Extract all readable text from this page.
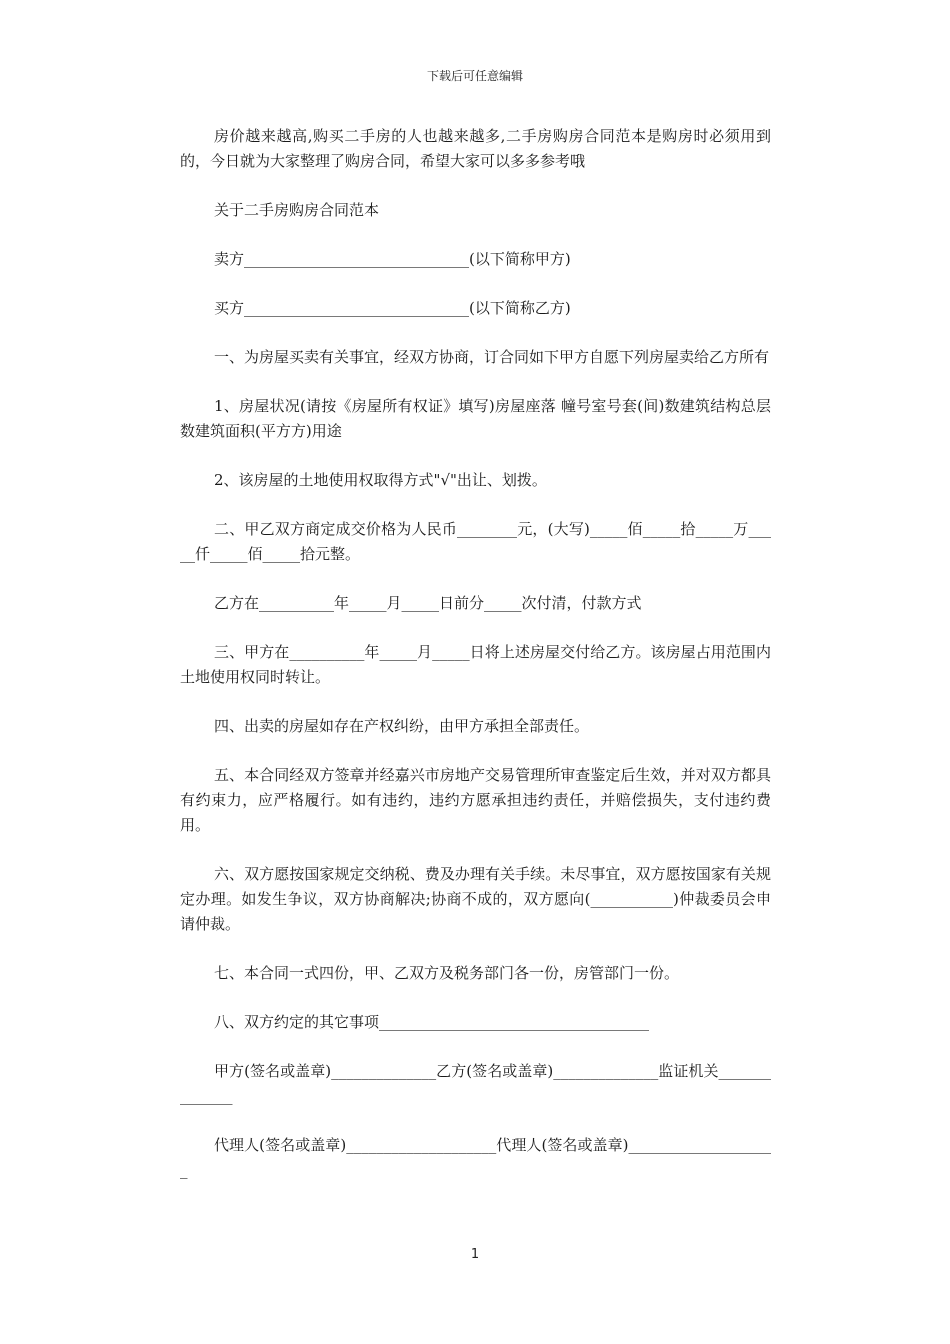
下载后可任意编辑

房价越来越高,购买二手房的人也越来越多,二手房购房合同范本是购房时必须用到的，今日就为大家整理了购房合同，希望大家可以多多参考哦

关于二手房购房合同范本

卖方______________________________(以下简称甲方)

买方______________________________(以下简称乙方)

一、为房屋买卖有关事宜，经双方协商，订合同如下甲方自愿下列房屋卖给乙方所有

1、房屋状况(请按《房屋所有权证》填写)房屋座落 幢号室号套(间)数建筑结构总层数建筑面积(平方方)用途

2、该房屋的土地使用权取得方式"√"出让、划拨。

二、甲乙双方商定成交价格为人民币________元，(大写)_____佰_____拾_____万_____仟_____佰_____拾元整。

乙方在__________年_____月_____日前分_____次付清，付款方式

三、甲方在__________年_____月_____日将上述房屋交付给乙方。该房屋占用范围内土地使用权同时转让。

四、出卖的房屋如存在产权纠纷，由甲方承担全部责任。

五、本合同经双方签章并经嘉兴市房地产交易管理所审查鉴定后生效，并对双方都具有约束力，应严格履行。如有违约，违约方愿承担违约责任，并赔偿损失，支付违约费用。

六、双方愿按国家规定交纳税、费及办理有关手续。未尽事宜，双方愿按国家有关规定办理。如发生争议，双方协商解决;协商不成的，双方愿向(___________)仲裁委员会申请仲裁。

七、本合同一式四份，甲、乙双方及税务部门各一份，房管部门一份。

八、双方约定的其它事项____________________________________

甲方(签名或盖章)______________乙方(签名或盖章)______________监证机关______________

代理人(签名或盖章)____________________代理人(签名或盖章)____________________

1
